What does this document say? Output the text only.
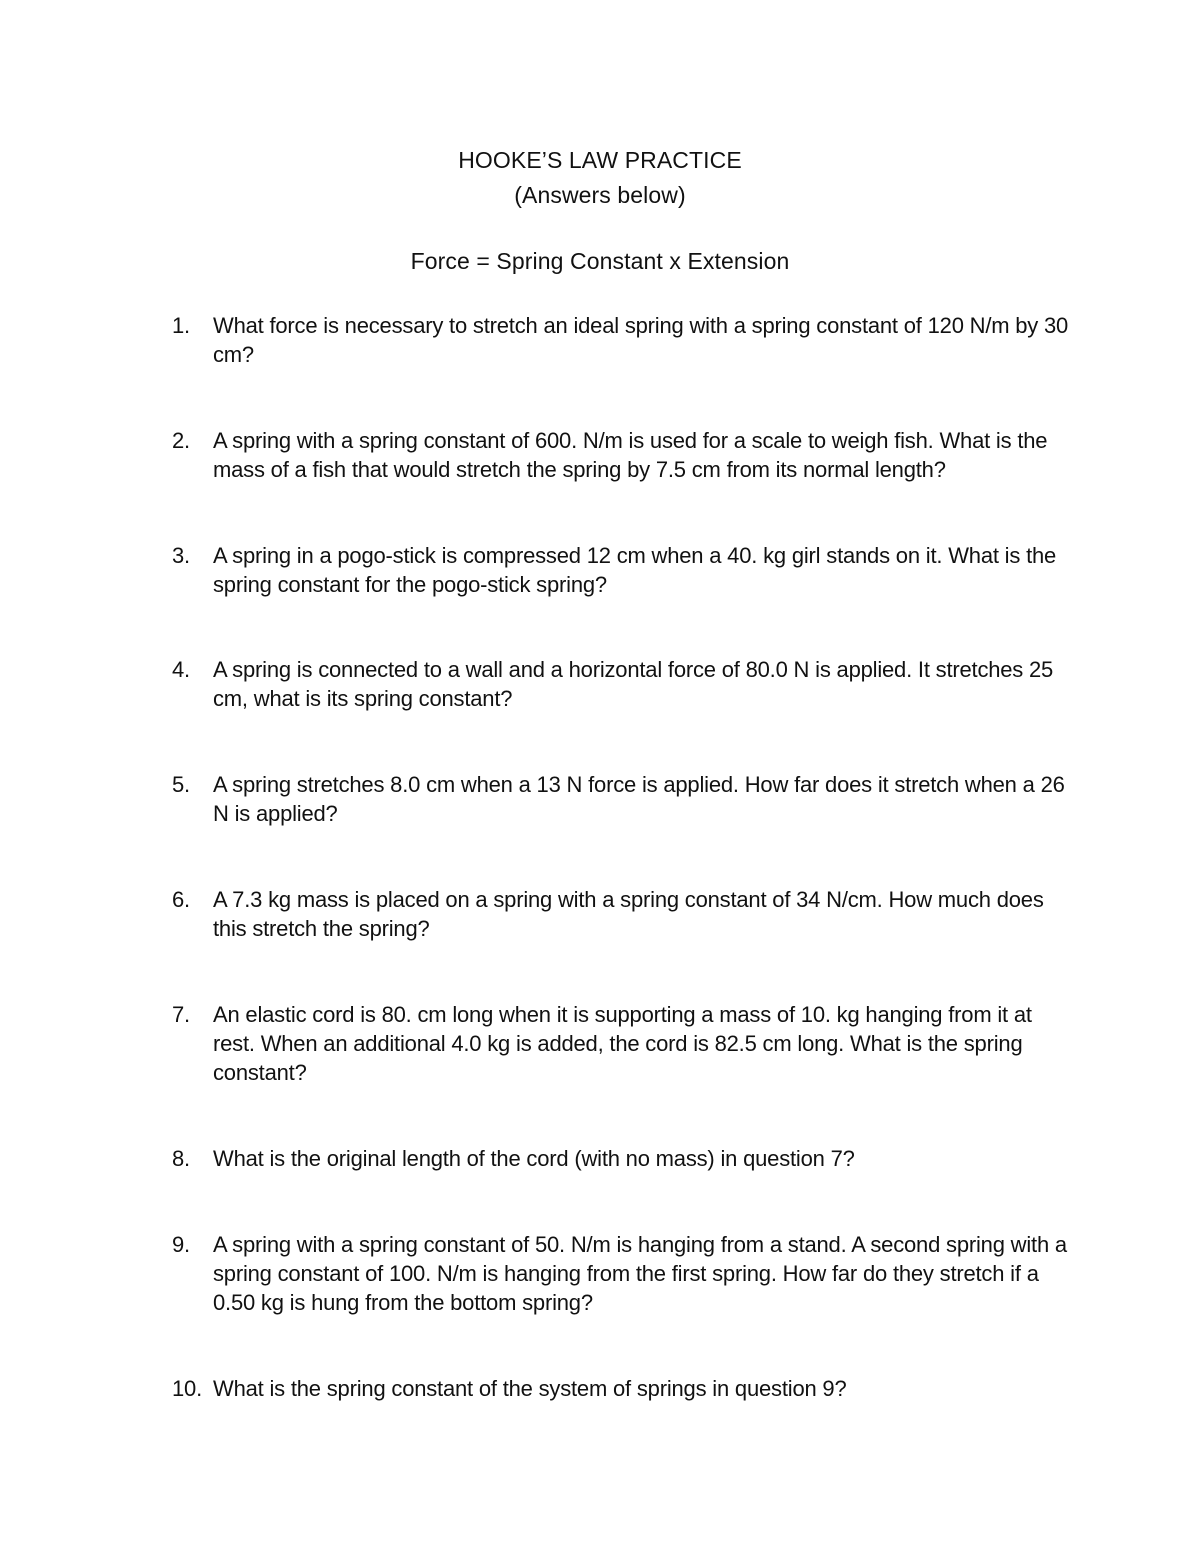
HOOKE’S LAW PRACTICE
(Answers below)
Force = Spring Constant x Extension
1.	What force is necessary to stretch an ideal spring with a spring constant of 120 N/m by 30 cm?
2.	A spring with a spring constant of 600. N/m is used for a scale to weigh fish. What is the mass of a fish that would stretch the spring by 7.5 cm from its normal length?
3.	A spring in a pogo-stick is compressed 12 cm when a 40. kg girl stands on it. What is the spring constant for the pogo-stick spring?
4.	A spring is connected to a wall and a horizontal force of 80.0 N is applied. It stretches 25 cm, what is its spring constant?
5.	A spring stretches 8.0 cm when a 13 N force is applied. How far does it stretch when a 26 N is applied?
6.	A 7.3 kg mass is placed on a spring with a spring constant of 34 N/cm. How much does this stretch the spring?
7.	An elastic cord is 80. cm long when it is supporting a mass of 10. kg hanging from it at rest. When an additional 4.0 kg is added, the cord is 82.5 cm long. What is the spring constant?
8.	What is the original length of the cord (with no mass) in question 7?
9.	A spring with a spring constant of 50. N/m is hanging from a stand. A second spring with a spring constant of 100. N/m is hanging from the first spring. How far do they stretch if a 0.50 kg is hung from the bottom spring?
10. What is the spring constant of the system of springs in question 9?
